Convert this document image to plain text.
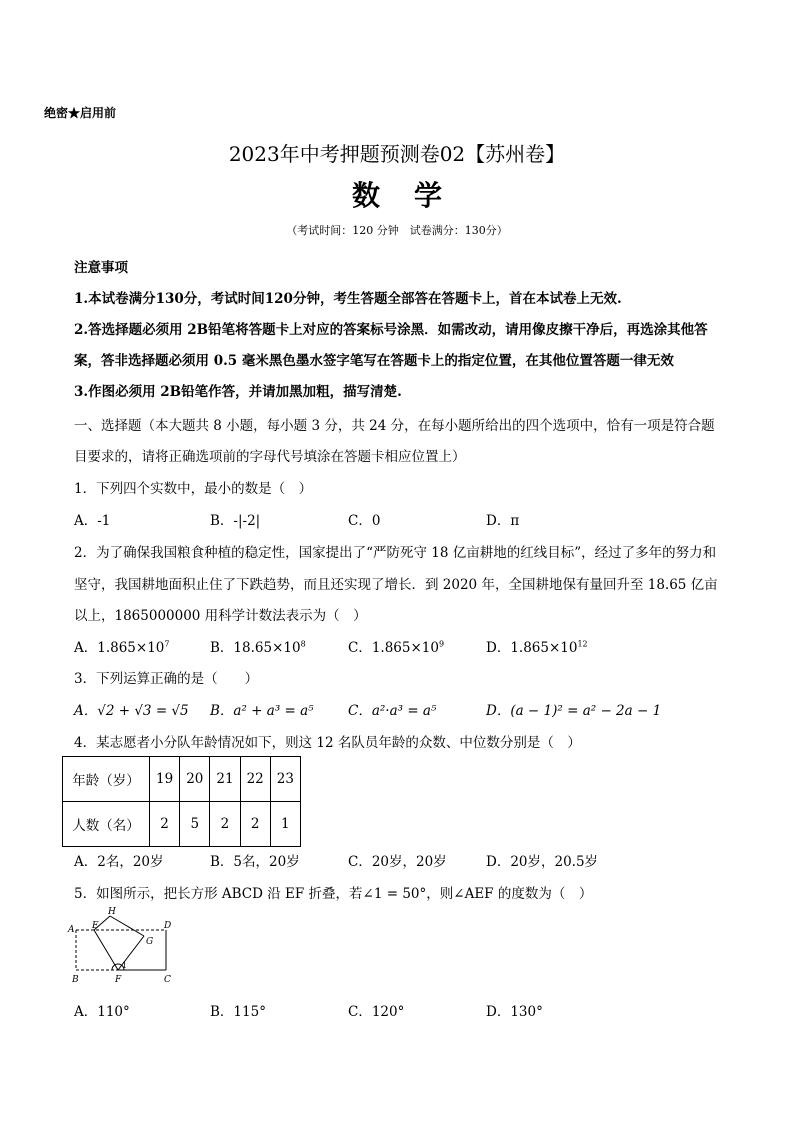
绝密★启用前
2023年中考押题预测卷02【苏州卷】
数学
（考试时间：120 分钟　试卷满分：130分）
注意事项
1.本试卷满分130分，考试时间120分钟，考生答题全部答在答题卡上，首在本试卷上无效.
2.答选择题必须用 2B铅笔将答题卡上对应的答案标号涂黑．如需改动，请用像皮擦干净后，再选涂其他答
案，答非选择题必须用 0.5 毫米黑色墨水签字笔写在答题卡上的指定位置，在其他位置答题一律无效
3.作图必须用 2B铅笔作答，并请加黑加粗，描写清楚.
一、选择题（本大题共 8 小题，每小题 3 分，共 24 分，在每小题所给出的四个选项中，恰有一项是符合题
目要求的，请将正确选项前的字母代号填涂在答题卡相应位置上）
1．下列四个实数中，最小的数是（　）
A．-1	B．-|-2|	C．0	D．π
2．为了确保我国粮食种植的稳定性，国家提出了“严防死守 18 亿亩耕地的红线目标”，经过了多年的努力和
坚守，我国耕地面积止住了下跌趋势，而且还实现了增长．到 2020 年，全国耕地保有量回升至 18.65 亿亩
以上，1865000000 用科学计数法表示为（　）
A．$1.865\times 10^7$	B．$18.65\times 10^8$	C．$1.865\times 10^9$	D．$1.865\times 10^{12}$
3．下列运算正确的是（　　）
A．√2 + √3 = √5 B．a² + a³ = a⁵	C．a²·a³ = a⁵	D．(a − 1)² = a² − 2a − 1
4．某志愿者小分队年龄情况如下，则这 12 名队员年龄的众数、中位数分别是（　）
年龄（岁）	19	20	21	22	23
人数（名）	2	5	2	2	1
A．2名，20岁	B．5名，20岁	C．20岁，20岁	D．20岁，20.5岁
5．如图所示，把长方形 ABCD 沿 EF 折叠，若∠1 = 50°，则∠AEF 的度数为（　）
A E
H
D
G
1
B	F	C
A．110°	B．115°	C．120°	D．130°
